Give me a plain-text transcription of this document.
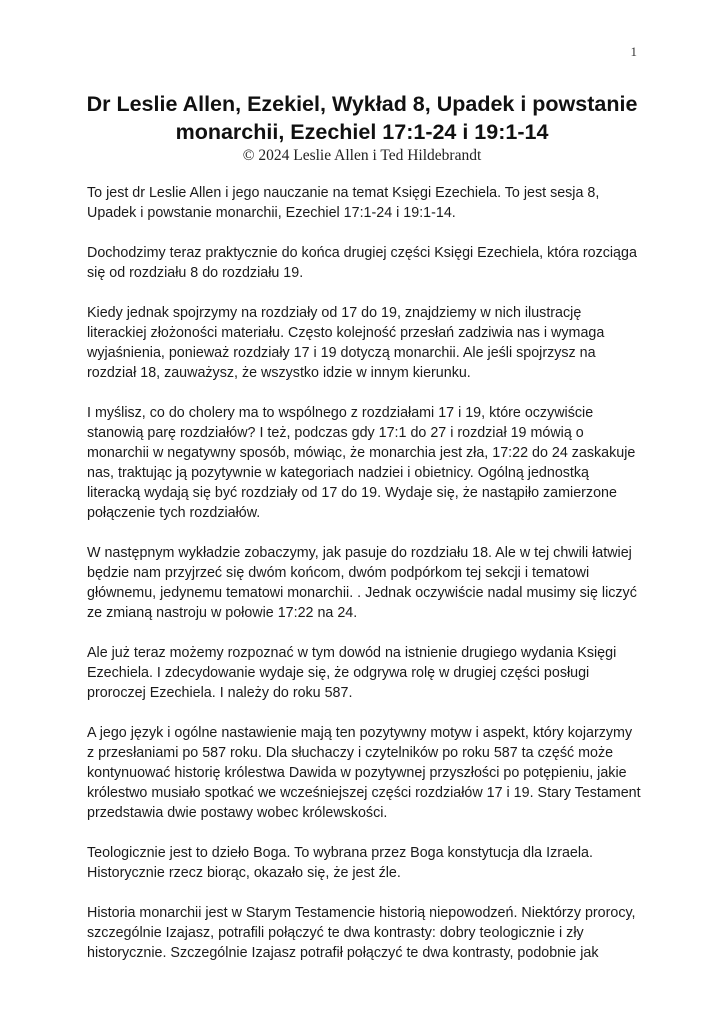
1
Dr Leslie Allen, Ezekiel, Wykład 8, Upadek i powstanie monarchii, Ezechiel 17:1-24 i 19:1-14

© 2024 Leslie Allen i Ted Hildebrandt

To jest dr Leslie Allen i jego nauczanie na temat Księgi Ezechiela. To jest sesja 8, Upadek i powstanie monarchii, Ezechiel 17:1-24 i 19:1-14.

Dochodzimy teraz praktycznie do końca drugiej części Księgi Ezechiela, która rozciąga się od rozdziału 8 do rozdziału 19.

Kiedy jednak spojrzymy na rozdziały od 17 do 19, znajdziemy w nich ilustrację literackiej złożoności materiału. Często kolejność przesłań zadziwia nas i wymaga wyjaśnienia, ponieważ rozdziały 17 i 19 dotyczą monarchii. Ale jeśli spojrzysz na rozdział 18, zauważysz, że wszystko idzie w innym kierunku.

I myślisz, co do cholery ma to wspólnego z rozdziałami 17 i 19, które oczywiście stanowią parę rozdziałów? I też, podczas gdy 17:1 do 27 i rozdział 19 mówią o monarchii w negatywny sposób, mówiąc, że monarchia jest zła, 17:22 do 24 zaskakuje nas, traktując ją pozytywnie w kategoriach nadziei i obietnicy. Ogólną jednostką literacką wydają się być rozdziały od 17 do 19. Wydaje się, że nastąpiło zamierzone połączenie tych rozdziałów.

W następnym wykładzie zobaczymy, jak pasuje do rozdziału 18. Ale w tej chwili łatwiej będzie nam przyjrzeć się dwóm końcom, dwóm podpórkom tej sekcji i tematowi głównemu, jedynemu tematowi monarchii. . Jednak oczywiście nadal musimy się liczyć ze zmianą nastroju w połowie 17:22 na 24.

Ale już teraz możemy rozpoznać w tym dowód na istnienie drugiego wydania Księgi Ezechiela. I zdecydowanie wydaje się, że odgrywa rolę w drugiej części posługi proroczej Ezechiela. I należy do roku 587.

A jego język i ogólne nastawienie mają ten pozytywny motyw i aspekt, który kojarzymy z przesłaniami po 587 roku. Dla słuchaczy i czytelników po roku 587 ta część może kontynuować historię królestwa Dawida w pozytywnej przyszłości po potępieniu, jakie królestwo musiało spotkać we wcześniejszej części rozdziałów 17 i 19. Stary Testament przedstawia dwie postawy wobec królewskości.

Teologicznie jest to dzieło Boga. To wybrana przez Boga konstytucja dla Izraela. Historycznie rzecz biorąc, okazało się, że jest źle.

Historia monarchii jest w Starym Testamencie historią niepowodzeń. Niektórzy prorocy, szczególnie Izajasz, potrafili połączyć te dwa kontrasty: dobry teologicznie i zły historycznie. Szczególnie Izajasz potrafił połączyć te dwa kontrasty, podobnie jak
